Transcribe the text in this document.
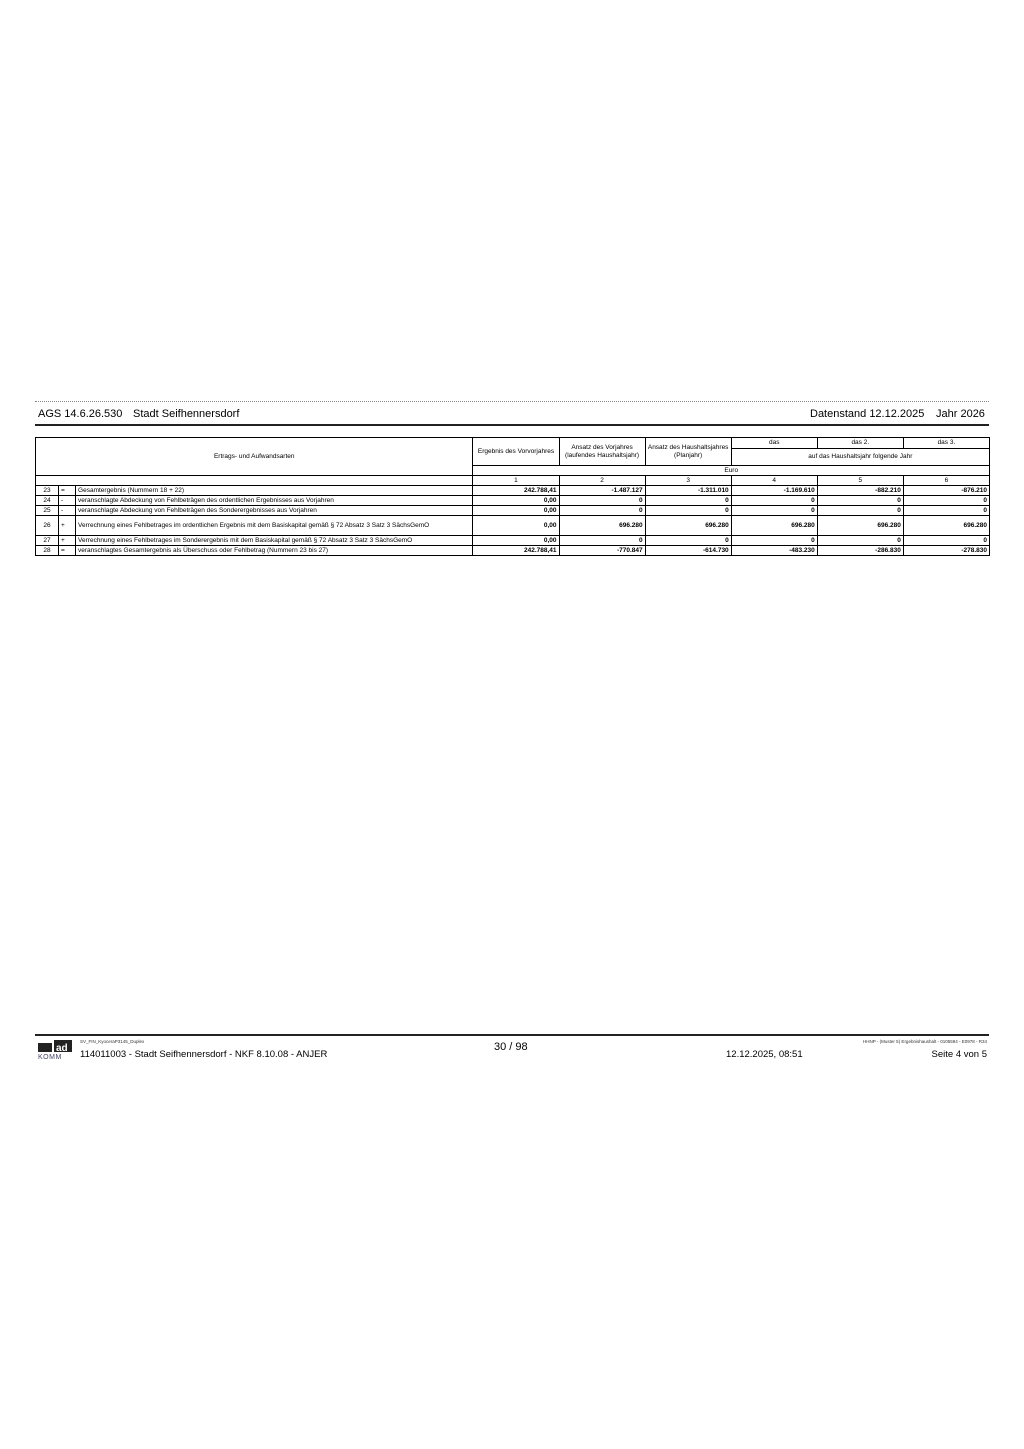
AGS 14.6.26.530 Stadt Seifhennersdorf	Datenstand 12.12.2025 Jahr 2026
Ertrags- und Aufwandsarten			Ergebnis des Vorvorjahres	Ansatz des Vorjahres (laufendes Haushaltsjahr)	Ansatz des Haushaltsjahres (Planjahr)	das	das 2.	das 3.
						auf das Haushaltsjahr folgende Jahr		
			Euro					
			1	2	3	4	5	6
23	=	Gesamtergebnis (Nummern 18 + 22)	242.788,41	-1.487.127	-1.311.010	-1.169.610	-882.210	-876.210
24	-	veranschlagte Abdeckung von Fehlbeträgen des ordentlichen Ergebnisses aus Vorjahren	0,00	0	0	0	0	0
25	-	veranschlagte Abdeckung von Fehlbeträgen des Sonderergebnisses aus Vorjahren	0,00	0	0	0	0	0
26	+	Verrechnung eines Fehlbetrages im ordentlichen Ergebnis mit dem Basiskapital gemäß § 72 Absatz 3 Satz 3 SächsGemO	0,00	696.280	696.280	696.280	696.280	696.280
27	+	Verrechnung eines Fehlbetrages im Sonderergebnis mit dem Basiskapital gemäß § 72 Absatz 3 Satz 3 SächsGemO	0,00	0	0	0	0	0
28	=	veranschlagtes Gesamtergebnis als Überschuss oder Fehlbetrag (Nummern 23 bis 27)	242.788,41	-770.847	-614.730	-483.230	-286.830	-278.830
ad
KOMM
SV_FIN_KyoceraP3145_Duplex
114011003 - Stadt Seifhennersdorf - NKF 8.10.08 - ANJER
30 / 98
12.12.2025, 08:51
HHNP - (Muster 5) Ergebnishaushalt - 0105594 - E0978 - R34
Seite 4 von 5
